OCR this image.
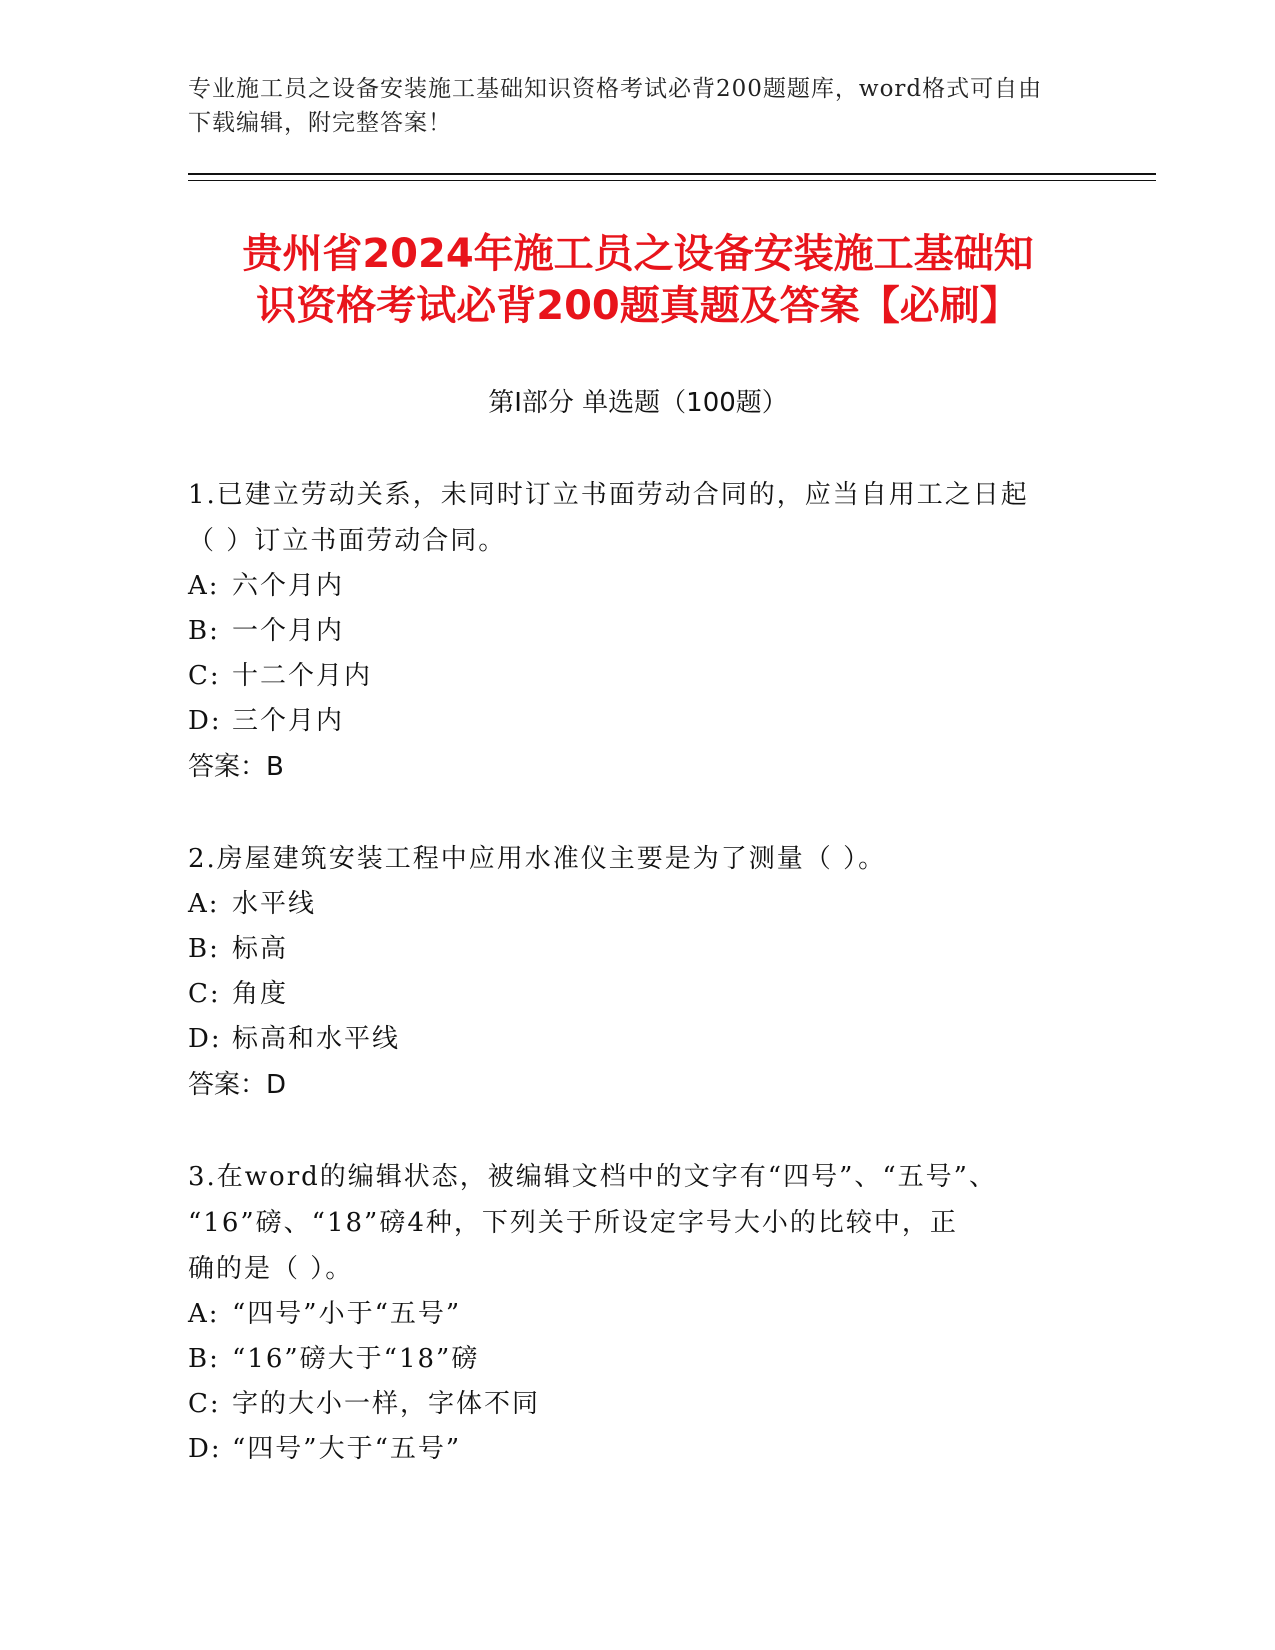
专业施工员之设备安装施工基础知识资格考试必背200题题库，word格式可自由
下载编辑，附完整答案！
贵州省2024年施工员之设备安装施工基础知
识资格考试必背200题真题及答案【必刷】
第I部分 单选题（100题）
1.已建立劳动关系，未同时订立书面劳动合同的，应当自用工之日起
（ ）订立书面劳动合同。
A: 六个月内
B: 一个月内
C: 十二个月内
D: 三个月内
答案：B
2.房屋建筑安装工程中应用水准仪主要是为了测量（ ）。
A: 水平线
B: 标高
C: 角度
D: 标高和水平线
答案：D
3.在word的编辑状态，被编辑文档中的文字有“四号”、“五号”、
“16”磅、“18”磅4种，下列关于所设定字号大小的比较中，正
确的是（ ）。
A: “四号”小于“五号”
B: “16”磅大于“18”磅
C: 字的大小一样，字体不同
D: “四号”大于“五号”
